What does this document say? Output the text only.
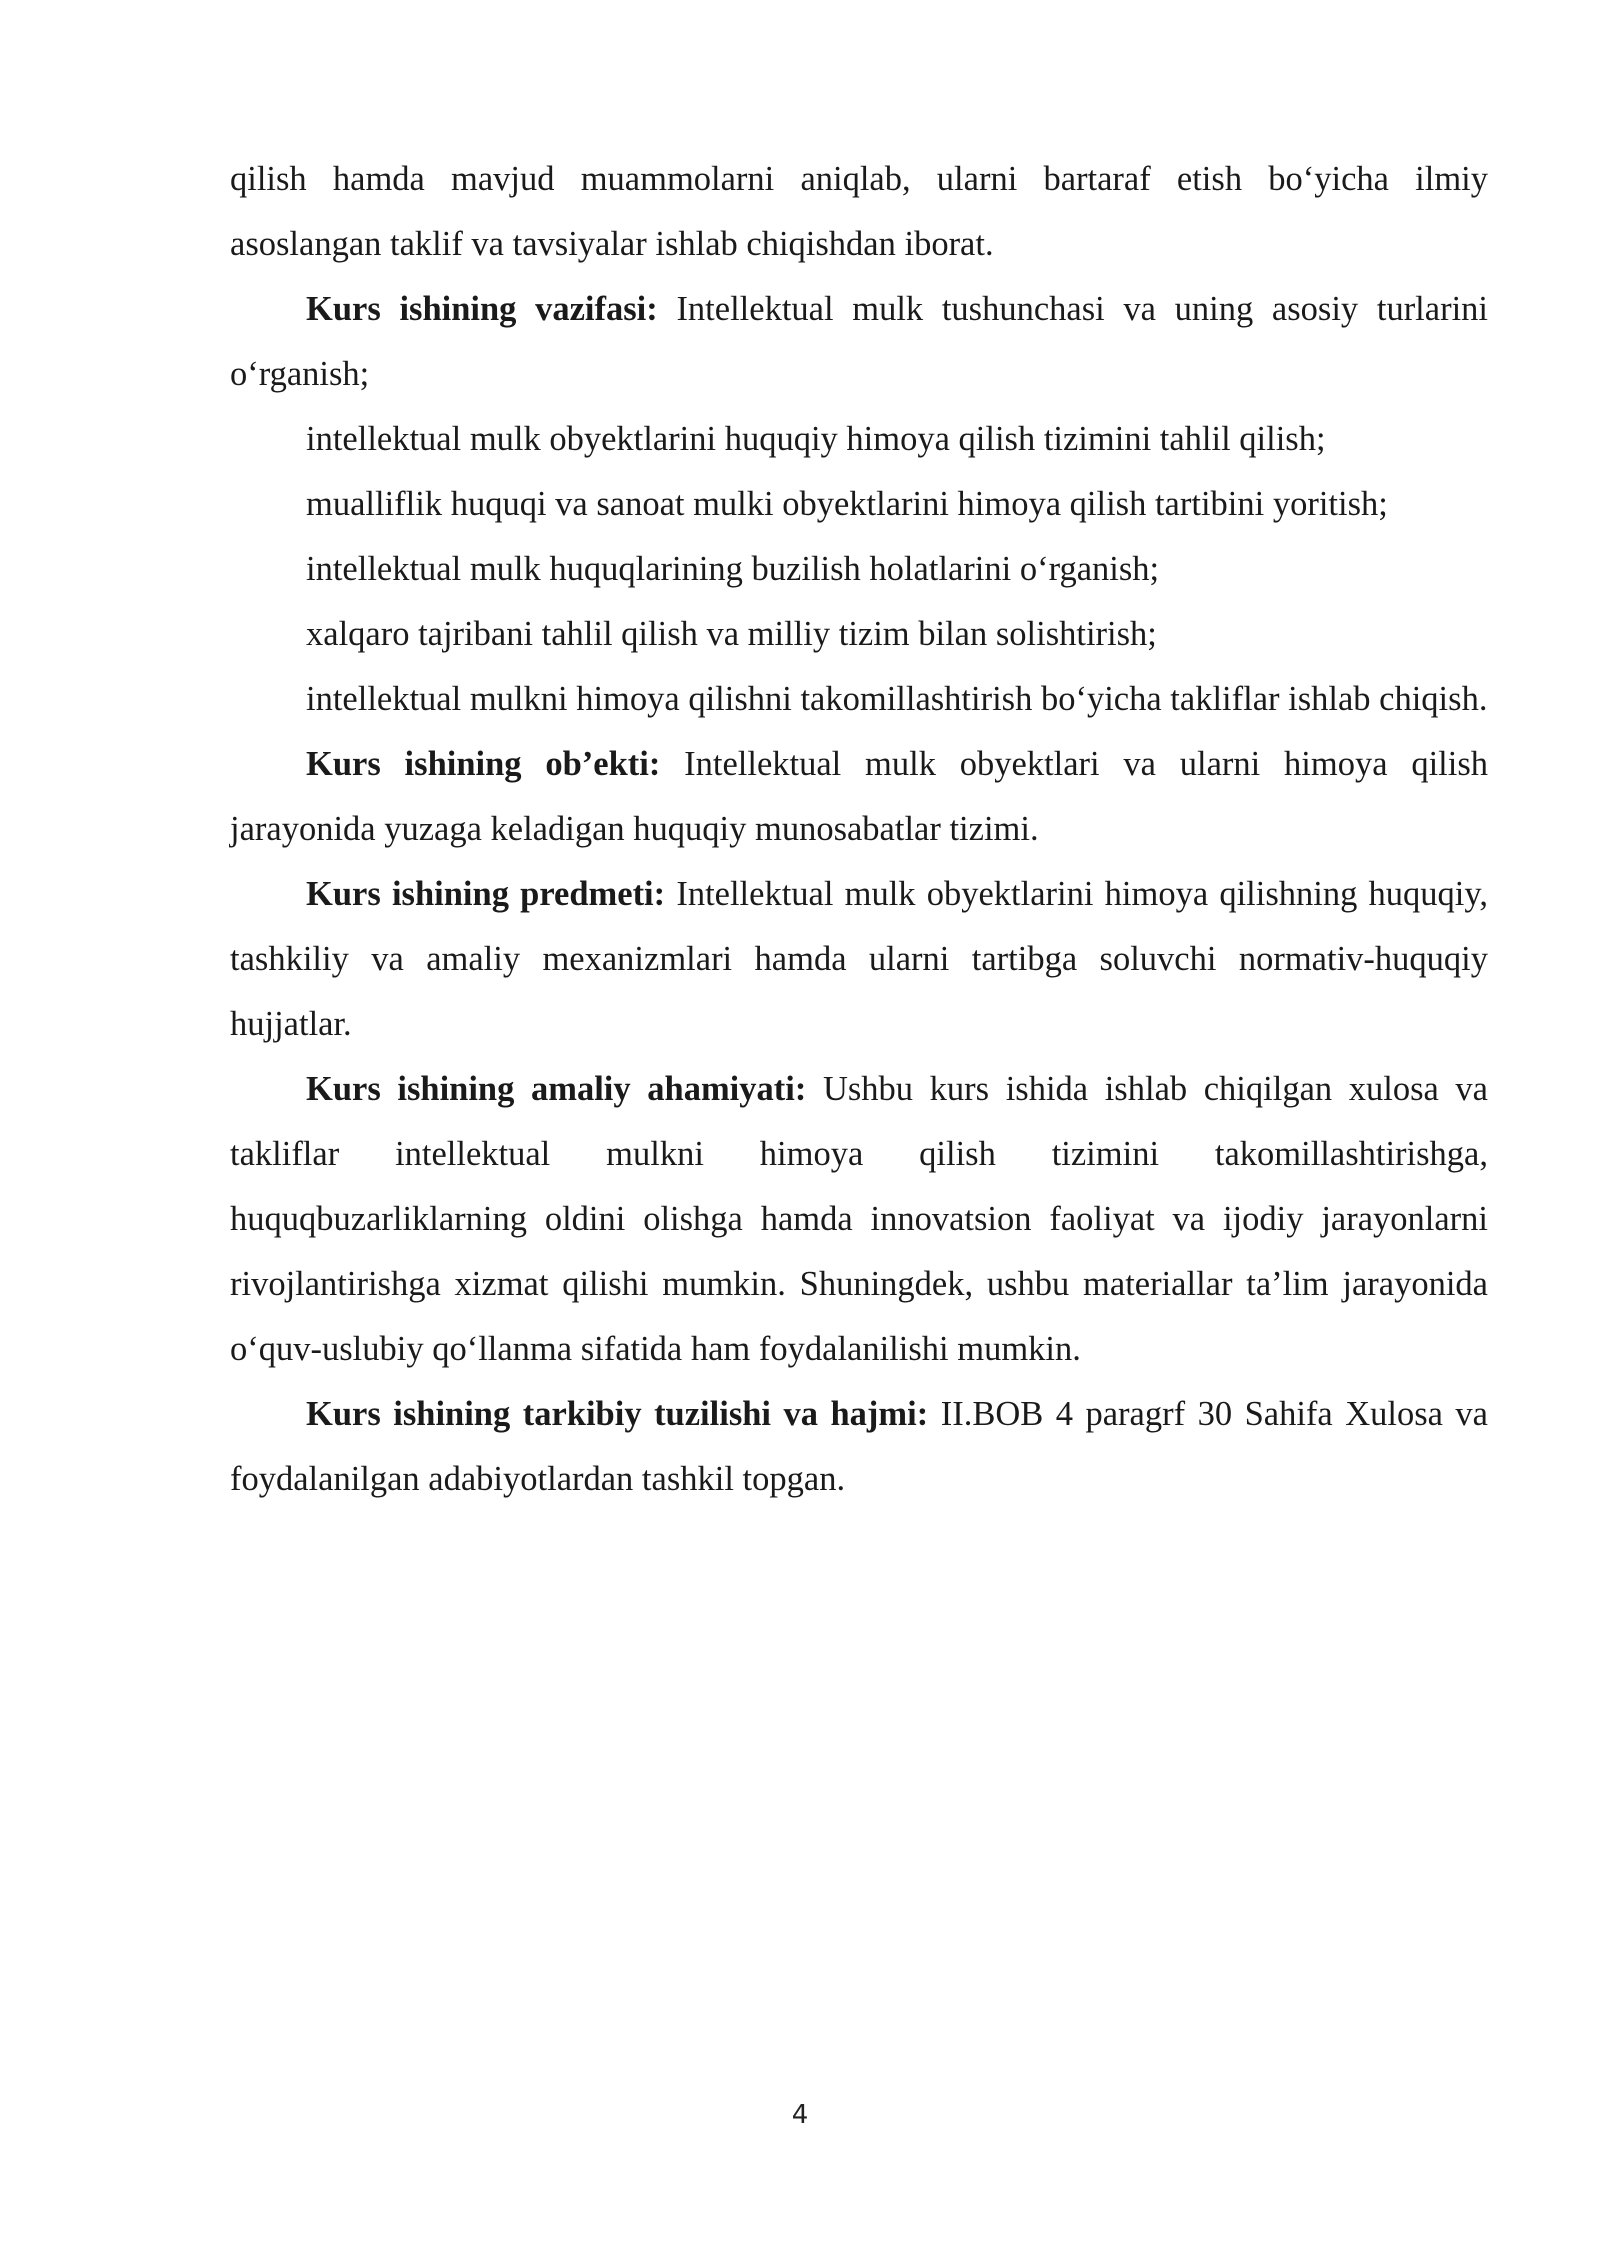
qilish hamda mavjud muammolarni aniqlab, ularni bartaraf etish bo‘yicha ilmiy asoslangan taklif va tavsiyalar ishlab chiqishdan iborat.

Kurs ishining vazifasi: Intellektual mulk tushunchasi va uning asosiy turlarini o‘rganish;

intellektual mulk obyektlarini huquqiy himoya qilish tizimini tahlil qilish;

mualliflik huquqi va sanoat mulki obyektlarini himoya qilish tartibini yoritish;

intellektual mulk huquqlarining buzilish holatlarini o‘rganish;

xalqaro tajribani tahlil qilish va milliy tizim bilan solishtirish;

intellektual mulkni himoya qilishni takomillashtirish bo‘yicha takliflar ishlab chiqish.

Kurs ishining ob’ekti: Intellektual mulk obyektlari va ularni himoya qilish jarayonida yuzaga keladigan huquqiy munosabatlar tizimi.

Kurs ishining predmeti: Intellektual mulk obyektlarini himoya qilishning huquqiy, tashkiliy va amaliy mexanizmlari hamda ularni tartibga soluvchi normativ-huquqiy hujjatlar.

Kurs ishining amaliy ahamiyati: Ushbu kurs ishida ishlab chiqilgan xulosa va takliflar intellektual mulkni himoya qilish tizimini takomillashtirishga, huquqbuzarliklarning oldini olishga hamda innovatsion faoliyat va ijodiy jarayonlarni rivojlantirishga xizmat qilishi mumkin. Shuningdek, ushbu materiallar ta’lim jarayonida o‘quv-uslubiy qo‘llanma sifatida ham foydalanilishi mumkin.

Kurs ishining tarkibiy tuzilishi va hajmi: II.BOB 4 paragrf 30 Sahifa Xulosa va foydalanilgan adabiyotlardan tashkil topgan.

4
